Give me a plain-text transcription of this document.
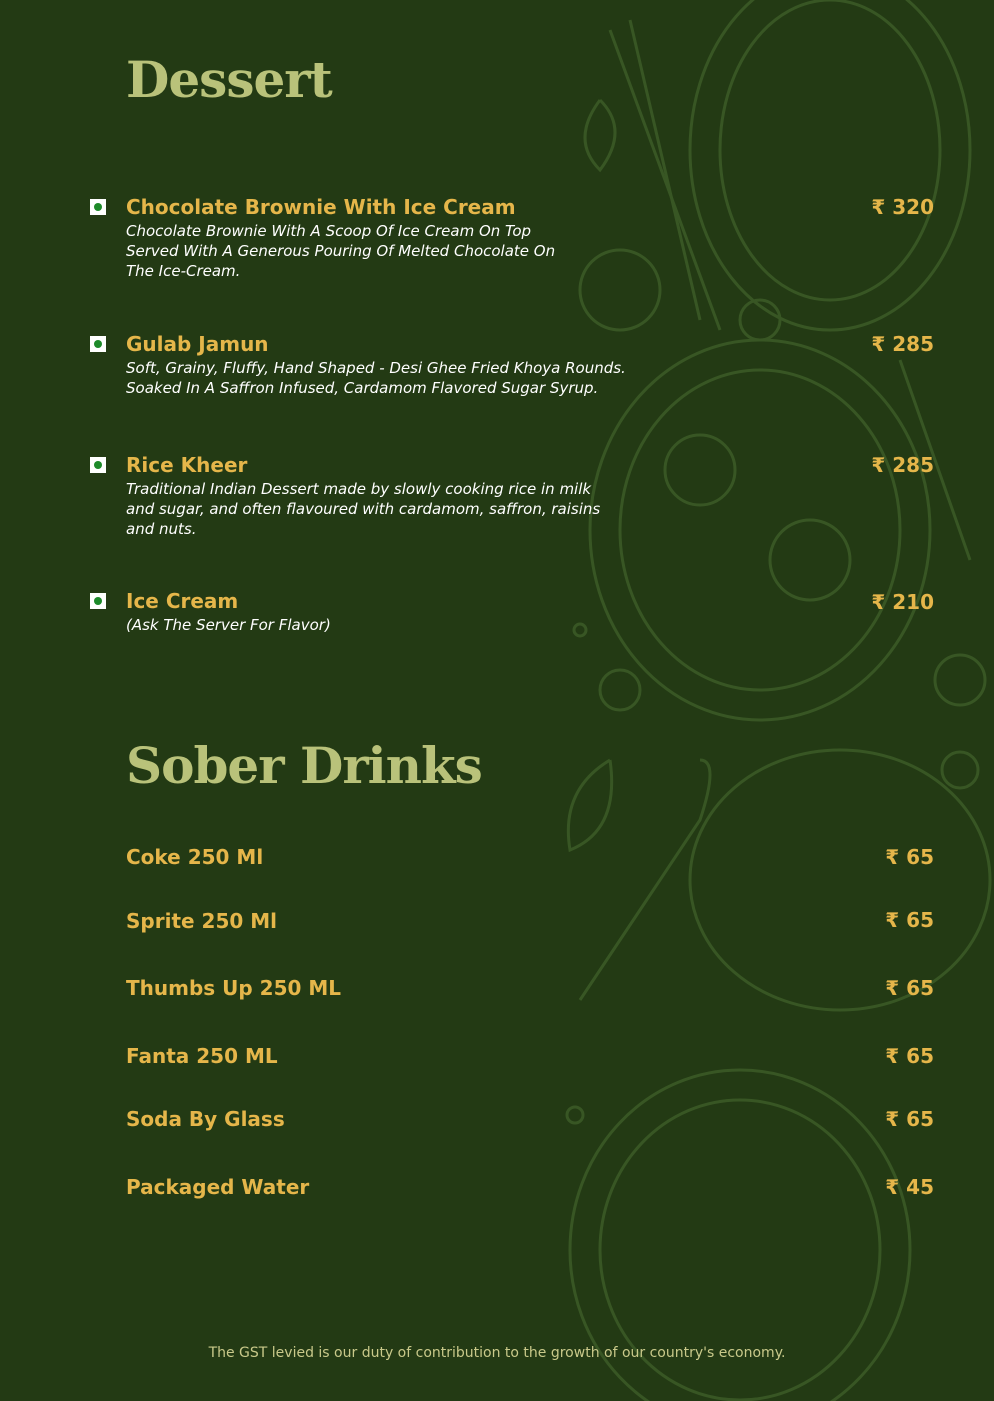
Dessert
Chocolate Brownie With Ice Cream	₹ 320
Chocolate Brownie With A Scoop Of Ice Cream On Top Served With A Generous Pouring Of Melted Chocolate On The Ice-Cream.
Gulab Jamun	₹ 285
Soft, Grainy, Fluffy, Hand Shaped - Desi Ghee Fried Khoya Rounds. Soaked In A Saffron Infused, Cardamom Flavored Sugar Syrup.
Rice Kheer	₹ 285
Traditional Indian Dessert made by slowly cooking rice in milk and sugar, and often flavoured with cardamom, saffron, raisins and nuts.
Ice Cream	₹ 210
(Ask The Server For Flavor)
Sober Drinks
Coke 250 Ml	₹ 65
Sprite 250 Ml	₹ 65
Thumbs Up 250 ML	₹ 65
Fanta 250 ML	₹ 65
Soda By Glass	₹ 65
Packaged Water	₹ 45
The GST levied is our duty of contribution to the growth of our country's economy.
